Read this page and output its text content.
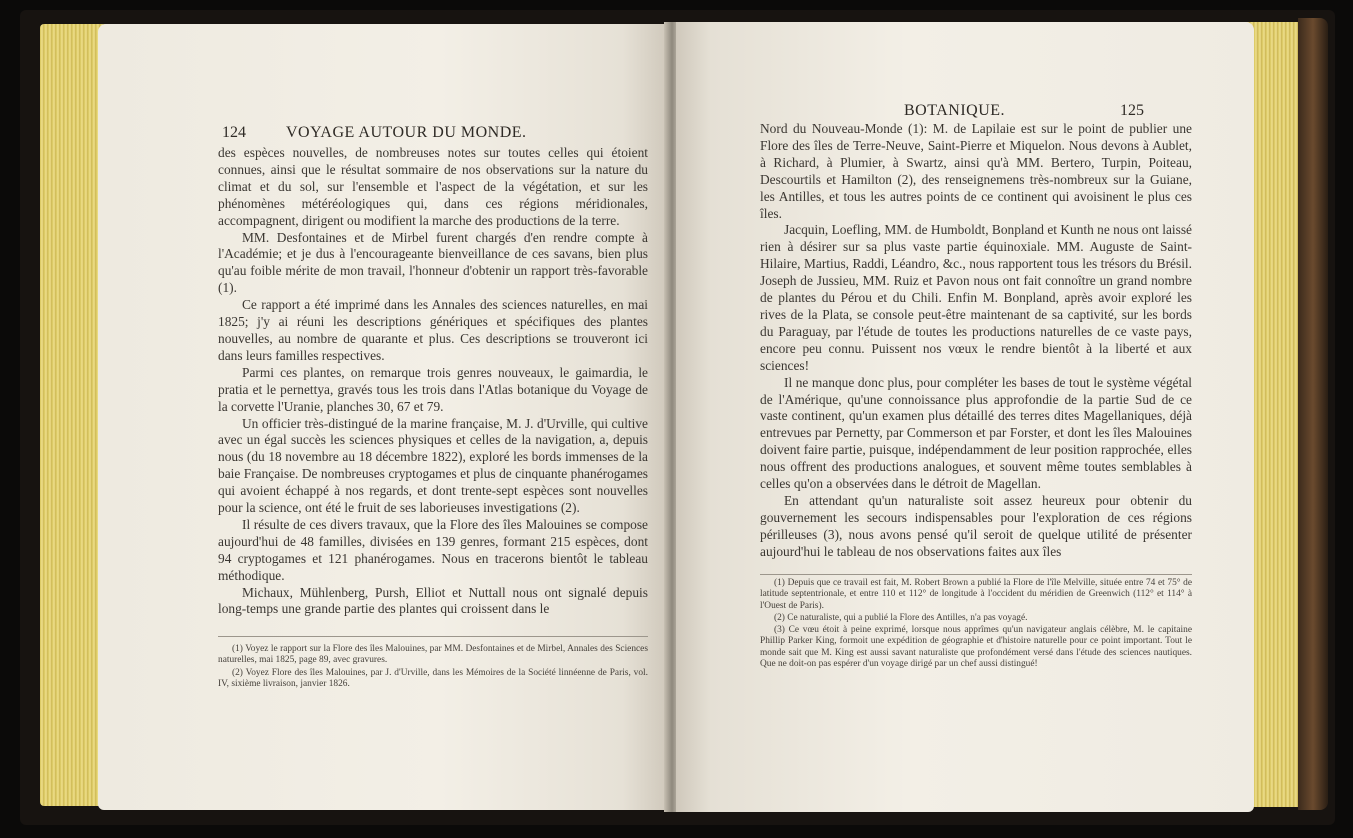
124	VOYAGE AUTOUR DU MONDE.

des espèces nouvelles, de nombreuses notes sur toutes celles qui étoient connues, ainsi que le résultat sommaire de nos observations sur la nature du climat et du sol, sur l'ensemble et l'aspect de la végétation, et sur les phénomènes météréologiques qui, dans ces régions méridionales, accompagnent, dirigent ou modifient la marche des productions de la terre.

MM. Desfontaines et de Mirbel furent chargés d'en rendre compte à l'Académie; et je dus à l'encourageante bienveillance de ces savans, bien plus qu'au foible mérite de mon travail, l'honneur d'obtenir un rapport très-favorable (1).

Ce rapport a été imprimé dans les Annales des sciences naturelles, en mai 1825; j'y ai réuni les descriptions génériques et spécifiques des plantes nouvelles, au nombre de quarante et plus. Ces descriptions se trouveront ici dans leurs familles respectives.

Parmi ces plantes, on remarque trois genres nouveaux, le gaimardia, le pratia et le pernettya, gravés tous les trois dans l'Atlas botanique du Voyage de la corvette l'Uranie, planches 30, 67 et 79.

Un officier très-distingué de la marine française, M. J. d'Urville, qui cultive avec un égal succès les sciences physiques et celles de la navigation, a, depuis nous (du 18 novembre au 18 décembre 1822), exploré les bords immenses de la baie Française. De nombreuses cryptogames et plus de cinquante phanérogames qui avoient échappé à nos regards, et dont trente-sept espèces sont nouvelles pour la science, ont été le fruit de ses laborieuses investigations (2).

Il résulte de ces divers travaux, que la Flore des îles Malouines se compose aujourd'hui de 48 familles, divisées en 139 genres, formant 215 espèces, dont 94 cryptogames et 121 phanérogames. Nous en tracerons bientôt le tableau méthodique.

Michaux, Mühlenberg, Pursh, Elliot et Nuttall nous ont signalé depuis long-temps une grande partie des plantes qui croissent dans le

(1) Voyez le rapport sur la Flore des îles Malouines, par MM. Desfontaines et de Mirbel, Annales des Sciences naturelles, mai 1825, page 89, avec gravures.

(2) Voyez Flore des îles Malouines, par J. d'Urville, dans les Mémoires de la Société linnéenne de Paris, vol. IV, sixième livraison, janvier 1826.

BOTANIQUE.	125

Nord du Nouveau-Monde (1): M. de Lapilaie est sur le point de publier une Flore des îles de Terre-Neuve, Saint-Pierre et Miquelon. Nous devons à Aublet, à Richard, à Plumier, à Swartz, ainsi qu'à MM. Bertero, Turpin, Poiteau, Descourtils et Hamilton (2), des renseignemens très-nombreux sur la Guiane, les Antilles, et tous les autres points de ce continent qui avoisinent le plus ces îles.

Jacquin, Loefling, MM. de Humboldt, Bonpland et Kunth ne nous ont laissé rien à désirer sur sa plus vaste partie équinoxiale. MM. Auguste de Saint-Hilaire, Martius, Raddi, Léandro, &c., nous rapportent tous les trésors du Brésil. Joseph de Jussieu, MM. Ruiz et Pavon nous ont fait connoître un grand nombre de plantes du Pérou et du Chili. Enfin M. Bonpland, après avoir exploré les rives de la Plata, se console peut-être maintenant de sa captivité, sur les bords du Paraguay, par l'étude de toutes les productions naturelles de ce vaste pays, encore peu connu. Puissent nos vœux le rendre bientôt à la liberté et aux sciences!

Il ne manque donc plus, pour compléter les bases de tout le système végétal de l'Amérique, qu'une connoissance plus approfondie de la partie Sud de ce vaste continent, qu'un examen plus détaillé des terres dites Magellaniques, déjà entrevues par Pernetty, par Commerson et par Forster, et dont les îles Malouines doivent faire partie, puisque, indépendamment de leur position rapprochée, elles nous offrent des productions analogues, et souvent même toutes semblables à celles qu'on a observées dans le détroit de Magellan.

En attendant qu'un naturaliste soit assez heureux pour obtenir du gouvernement les secours indispensables pour l'exploration de ces régions périlleuses (3), nous avons pensé qu'il seroit de quelque utilité de présenter aujourd'hui le tableau de nos observations faites aux îles

(1) Depuis que ce travail est fait, M. Robert Brown a publié la Flore de l'île Melville, située entre 74 et 75° de latitude septentrionale, et entre 110 et 112° de longitude à l'occident du méridien de Greenwich (112° et 114° à l'Ouest de Paris).

(2) Ce naturaliste, qui a publié la Flore des Antilles, n'a pas voyagé.

(3) Ce vœu étoit à peine exprimé, lorsque nous apprîmes qu'un navigateur anglais célèbre, M. le capitaine Phillip Parker King, formoit une expédition de géographie et d'histoire naturelle pour ce point important. Tout le monde sait que M. King est aussi savant naturaliste que profondément versé dans l'étude des sciences nautiques. Que ne doit-on pas espérer d'un voyage dirigé par un chef aussi distingué!
